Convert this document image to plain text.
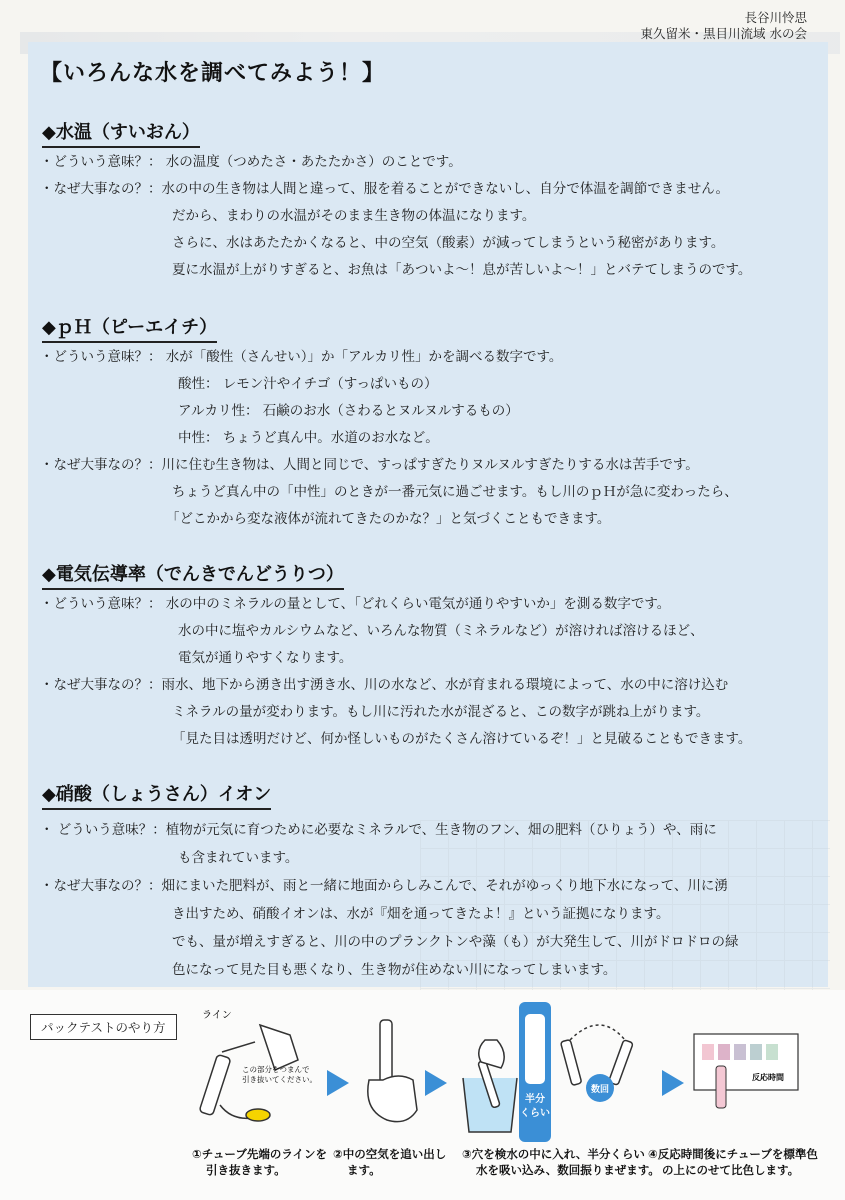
長谷川怜思
東久留米・黒目川流域 水の会
【いろんな水を調べてみよう！】
◆水温（すいおん）
・どういう意味？： 水の温度（つめたさ・あたたかさ）のことです。
・なぜ大事なの？：水の中の生き物は人間と違って、服を着ることができないし、自分で体温を調節できません。
だから、まわりの水温がそのまま生き物の体温になります。
さらに、水はあたたかくなると、中の空気（酸素）が減ってしまうという秘密があります。
夏に水温が上がりすぎると、お魚は「あついよ～！息が苦しいよ～！」とバテてしまうのです。
◆ｐＨ（ピーエイチ）
・どういう意味？： 水が「酸性（さんせい）」か「アルカリ性」かを調べる数字です。
酸性： レモン汁やイチゴ（すっぱいもの）
アルカリ性： 石鹸のお水（さわるとヌルヌルするもの）
中性： ちょうど真ん中。水道のお水など。
・なぜ大事なの？：川に住む生き物は、人間と同じで、すっぱすぎたりヌルヌルすぎたりする水は苦手です。
ちょうど真ん中の「中性」のときが一番元気に過ごせます。もし川のｐＨが急に変わったら、
「どこかから変な液体が流れてきたのかな？」と気づくこともできます。
◆電気伝導率（でんきでんどうりつ）
・どういう意味？： 水の中のミネラルの量として、「どれくらい電気が通りやすいか」を測る数字です。
水の中に塩やカルシウムなど、いろんな物質（ミネラルなど）が溶ければ溶けるほど、
電気が通りやすくなります。
・なぜ大事なの？：雨水、地下から湧き出す湧き水、川の水など、水が育まれる環境によって、水の中に溶け込む
ミネラルの量が変わります。もし川に汚れた水が混ざると、この数字が跳ね上がります。
「見た目は透明だけど、何か怪しいものがたくさん溶けているぞ！」と見破ることもできます。
◆硝酸（しょうさん）イオン
・ どういう意味？：植物が元気に育つために必要なミネラルで、生き物のフン、畑の肥料（ひりょう）や、雨に
も含まれています。
・なぜ大事なの？：畑にまいた肥料が、雨と一緒に地面からしみこんで、それがゆっくり地下水になって、川に湧
き出すため、硝酸イオンは、水が『畑を通ってきたよ！』という証拠になります。
でも、量が増えすぎると、川の中のプランクトンや藻（も）が大発生して、川がドロドロの緑
色になって見た目も悪くなり、生き物が住めない川になってしまいます。
パックテストのやり方
ライン
この部分をつまんで
引き抜いてください。
半分
くらい
数回
反応時間
①チューブ先端のラインを
引き抜きます。
②中の空気を追い出し
ます。
③穴を検水の中に入れ、半分くらい
水を吸い込み、数回振りまぜます。
④反応時間後にチューブを標準色
の上にのせて比色します。
